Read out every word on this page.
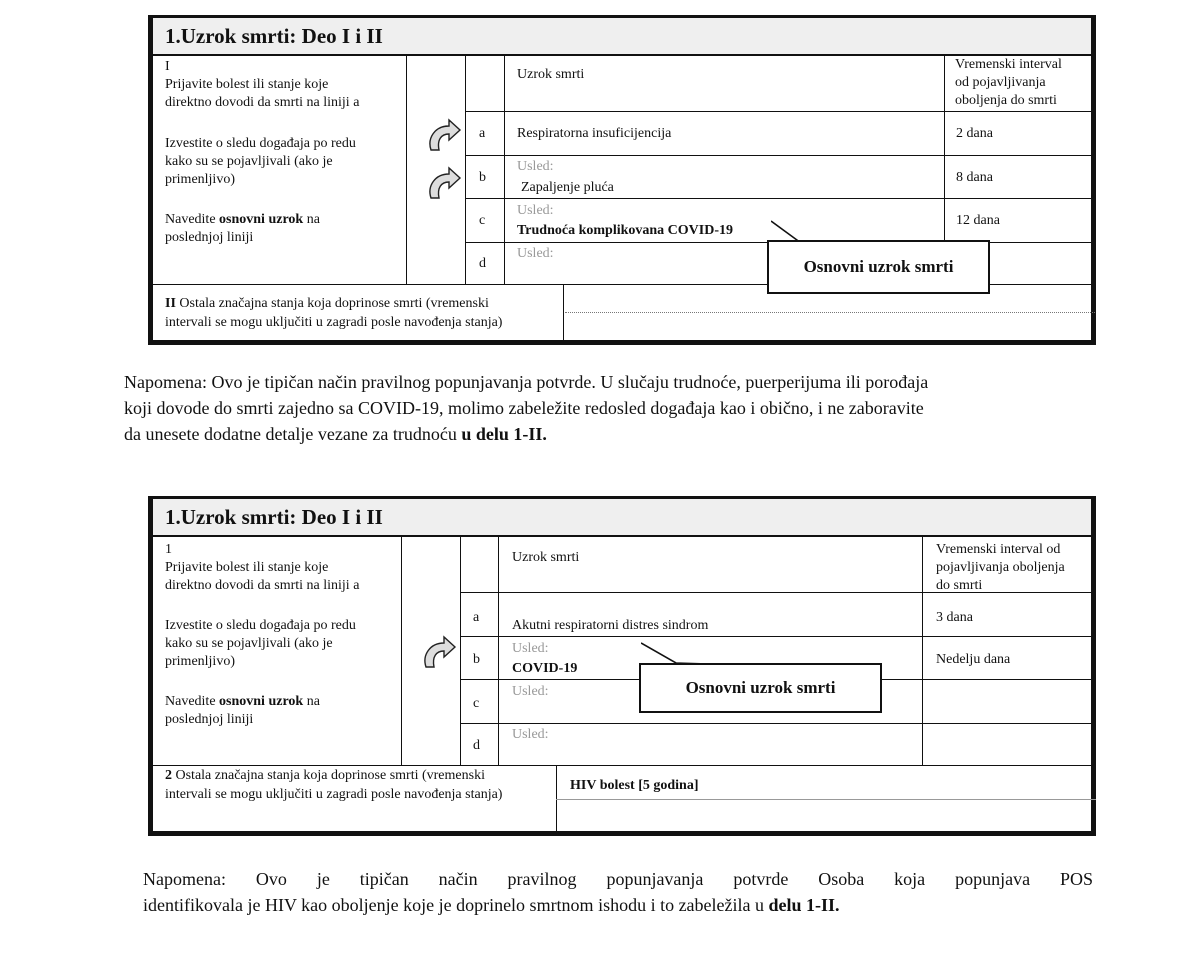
1.Uzrok smrti: Deo I i II
I
Prijavite bolest ili stanje koje
direktno dovodi da smrti na liniji a
Izvestite o sledu događaja po redu
kako su se pojavljivali (ako je
primenljivo)
Navedite osnovni uzrok na
poslednjoj liniji
Uzrok smrti
Vremenski interval
od pojavljivanja
oboljenja do smrti
a Respiratorna insuficijencija	2 dana
b
Usled:
Zapaljenje pluća
8 dana
c
Usled:
Trudnoća komplikovana COVID-19
12 dana
d
Usled:
Osnovni uzrok smrti
II Ostala značajna stanja koja doprinose smrti (vremenski
intervali se mogu uključiti u zagradi posle navođenja stanja)
Napomena: Ovo je tipičan način pravilnog popunjavanja potvrde. U slučaju trudnoće, puerperijuma ili porođaja
koji dovode do smrti zajedno sa COVID-19, molimo zabeležite redosled događaja kao i obično, i ne zaboravite
da unesete dodatne detalje vezane za trudnoću u delu 1-II.
1.Uzrok smrti: Deo I i II
1
Prijavite bolest ili stanje koje
direktno dovodi da smrti na liniji a
Izvestite o sledu događaja po redu
kako su se pojavljivali (ako je
primenljivo)
Navedite osnovni uzrok na
poslednjoj liniji
Uzrok smrti
Vremenski interval od
pojavljivanja oboljenja
do smrti
a
Akutni respiratorni distres sindrom
3 dana
b
Usled:
COVID-19
Nedelju dana
c
Usled:
d
Usled:
Osnovni uzrok smrti
2 Ostala značajna stanja koja doprinose smrti (vremenski
intervali se mogu uključiti u zagradi posle navođenja stanja)
HIV bolest [5 godina]
Napomena: Ovo je tipičan način pravilnog popunjavanja potvrde Osoba koja popunjava POS
identifikovala je HIV kao oboljenje koje je doprinelo smrtnom ishodu i to zabeležila u delu 1-II.
